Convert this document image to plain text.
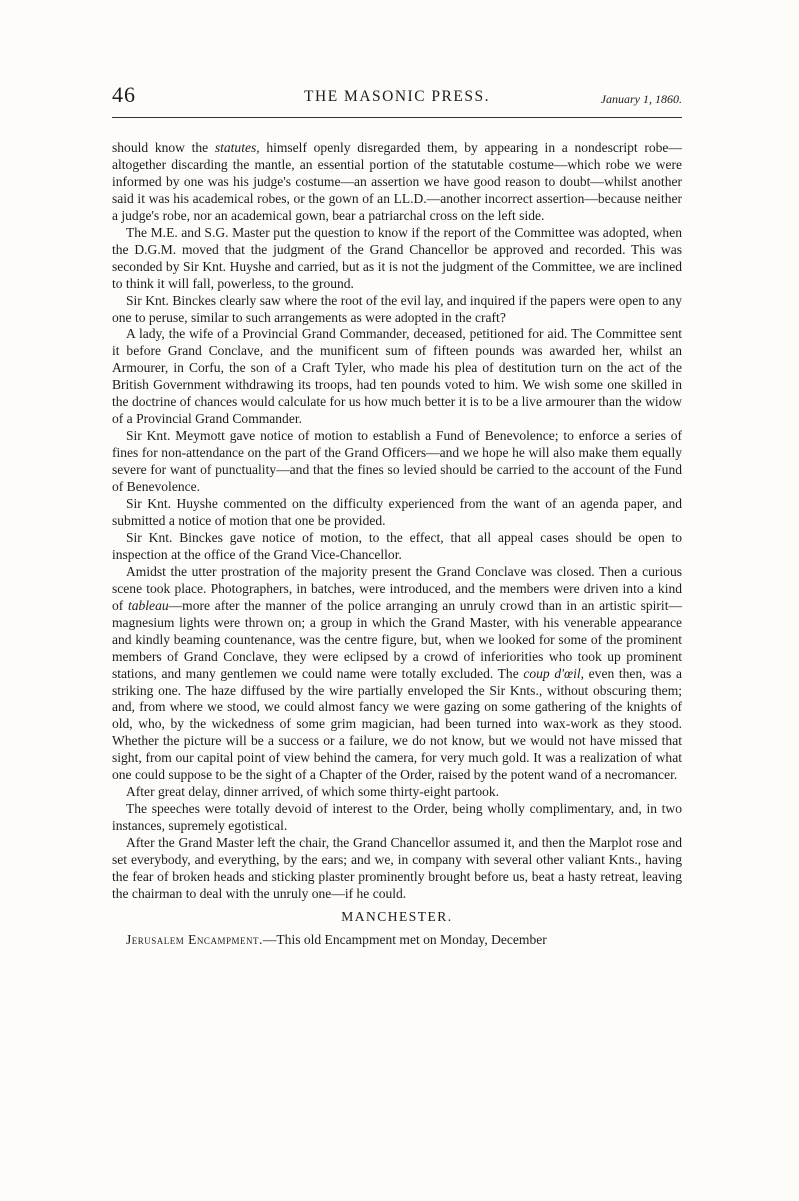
46	THE MASONIC PRESS.	January 1, 1860.

should know the statutes, himself openly disregarded them, by appearing in a nondescript robe—altogether discarding the mantle, an essential portion of the statutable costume—which robe we were informed by one was his judge's costume—an assertion we have good reason to doubt—whilst another said it was his academical robes, or the gown of an LL.D.—another incorrect assertion—because neither a judge's robe, nor an academical gown, bear a patriarchal cross on the left side.

The M.E. and S.G. Master put the question to know if the report of the Committee was adopted, when the D.G.M. moved that the judgment of the Grand Chancellor be approved and recorded. This was seconded by Sir Knt. Huyshe and carried, but as it is not the judgment of the Committee, we are inclined to think it will fall, powerless, to the ground.

Sir Knt. Binckes clearly saw where the root of the evil lay, and inquired if the papers were open to any one to peruse, similar to such arrangements as were adopted in the craft?

A lady, the wife of a Provincial Grand Commander, deceased, petitioned for aid. The Committee sent it before Grand Conclave, and the munificent sum of fifteen pounds was awarded her, whilst an Armourer, in Corfu, the son of a Craft Tyler, who made his plea of destitution turn on the act of the British Government withdrawing its troops, had ten pounds voted to him. We wish some one skilled in the doctrine of chances would calculate for us how much better it is to be a live armourer than the widow of a Provincial Grand Commander.

Sir Knt. Meymott gave notice of motion to establish a Fund of Benevolence; to enforce a series of fines for non-attendance on the part of the Grand Officers—and we hope he will also make them equally severe for want of punctuality—and that the fines so levied should be carried to the account of the Fund of Benevolence.

Sir Knt. Huyshe commented on the difficulty experienced from the want of an agenda paper, and submitted a notice of motion that one be provided.

Sir Knt. Binckes gave notice of motion, to the effect, that all appeal cases should be open to inspection at the office of the Grand Vice-Chancellor.

Amidst the utter prostration of the majority present the Grand Conclave was closed. Then a curious scene took place. Photographers, in batches, were introduced, and the members were driven into a kind of tableau—more after the manner of the police arranging an unruly crowd than in an artistic spirit—magnesium lights were thrown on; a group in which the Grand Master, with his venerable appearance and kindly beaming countenance, was the centre figure, but, when we looked for some of the prominent members of Grand Conclave, they were eclipsed by a crowd of inferiorities who took up prominent stations, and many gentlemen we could name were totally excluded. The coup d'œil, even then, was a striking one. The haze diffused by the wire partially enveloped the Sir Knts., without obscuring them; and, from where we stood, we could almost fancy we were gazing on some gathering of the knights of old, who, by the wickedness of some grim magician, had been turned into wax-work as they stood. Whether the picture will be a success or a failure, we do not know, but we would not have missed that sight, from our capital point of view behind the camera, for very much gold. It was a realization of what one could suppose to be the sight of a Chapter of the Order, raised by the potent wand of a necromancer.

After great delay, dinner arrived, of which some thirty-eight partook.

The speeches were totally devoid of interest to the Order, being wholly complimentary, and, in two instances, supremely egotistical.

After the Grand Master left the chair, the Grand Chancellor assumed it, and then the Marplot rose and set everybody, and everything, by the ears; and we, in company with several other valiant Knts., having the fear of broken heads and sticking plaster prominently brought before us, beat a hasty retreat, leaving the chairman to deal with the unruly one—if he could.

MANCHESTER.

Jerusalem Encampment.—This old Encampment met on Monday, December
